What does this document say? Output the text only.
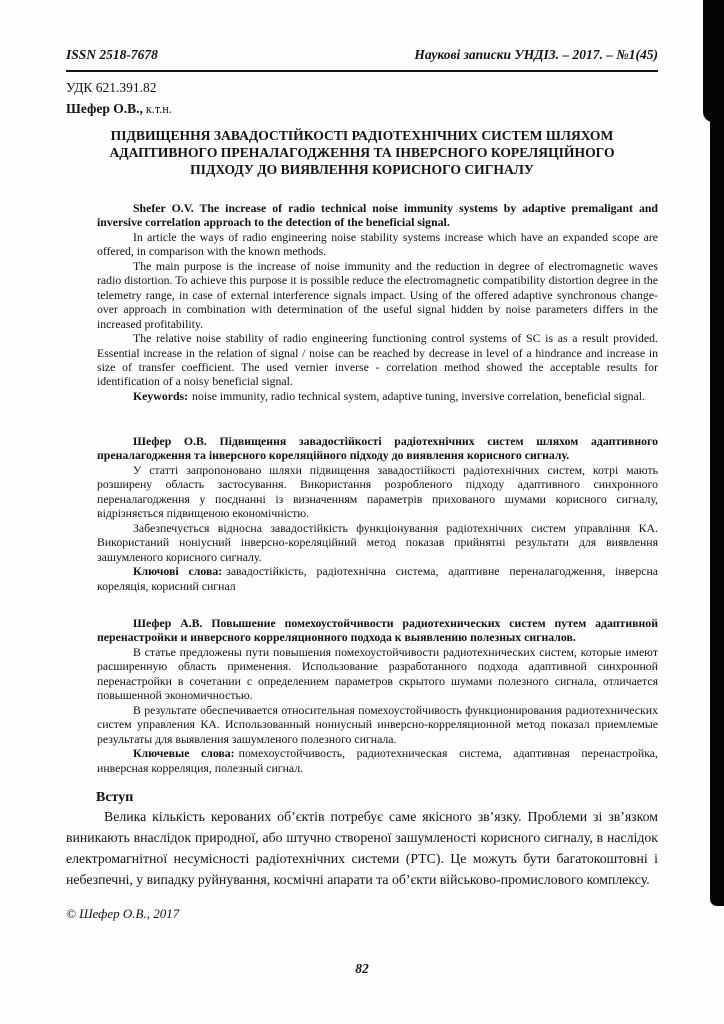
ISSN 2518-7678	Наукові записки УНДІЗ. – 2017. – №1(45)
УДК 621.391.82
Шефер О.В., к.т.н.
ПІДВИЩЕННЯ ЗАВАДОСТІЙКОСТІ РАДІОТЕХНІЧНИХ СИСТЕМ ШЛЯХОМ
АДАПТИВНОГО ПРЕНАЛАГОДЖЕННЯ ТА ІНВЕРСНОГО КОРЕЛЯЦІЙНОГО
ПІДХОДУ ДО ВИЯВЛЕННЯ КОРИСНОГО СИГНАЛУ

Shefer O.V. The increase of radio technical noise immunity systems by adaptive premaligant and inversive correlation approach to the detection of the beneficial signal.

In article the ways of radio engineering noise stability systems increase which have an expanded scope are offered, in comparison with the known methods.

The main purpose is the increase of noise immunity and the reduction in degree of electromagnetic waves radio distortion. To achieve this purpose it is possible reduce the electromagnetic compatibility distortion degree in the telemetry range, in case of external interference signals impact. Using of the offered adaptive synchronous change-over approach in combination with determination of the useful signal hidden by noise parameters differs in the increased profitability.

The relative noise stability of radio engineering functioning control systems of SC is as a result provided. Essential increase in the relation of signal / noise can be reached by decrease in level of a hindrance and increase in size of transfer coefficient. The used vernier inverse - correlation method showed the acceptable results for identification of a noisy beneficial signal.

Keywords: noise immunity, radio technical system, adaptive tuning, inversive correlation, beneficial signal.

Шефер О.В. Підвищення завадостійкості радіотехнічних систем шляхом адаптивного преналагодження та інверсного кореляційного підходу до виявлення корисного сигналу.

У статті запропоновано шляхи підвищення завадостійкості радіотехнічних систем, котрі мають розширену область застосування. Використання розробленого підходу адаптивного синхронного переналагодження у поєднанні із визначенням параметрів прихованого шумами корисного сигналу, відрізняється підвищеною економічністю.

Забезпечується відносна завадостійкість функціонування радіотехнічних систем управління КА. Використаний ноніусний інверсно-кореляційний метод показав прийнятні результати для виявлення зашумленого корисного сигналу.

Ключові слова: завадостійкість, радіотехнічна система, адаптивне переналагодження, інверсна кореляція, корисний сигнал

Шефер А.В. Повышение помехоустойчивости радиотехнических систем путем адаптивной перенастройки и инверсного корреляционного подхода к выявлению полезных сигналов.

В статье предложены пути повышения помехоустойчивости радиотехнических систем, которые имеют расширенную область применения. Использование разработанного подхода адаптивной синхронной перенастройки в сочетании с определением параметров скрытого шумами полезного сигнала, отличается повышенной экономичностью.

В результате обеспечивается относительная помехоустойчивость функционирования радиотехнических систем управления КА. Использованный нониусный инверсно-корреляционной метод показал приемлемые результаты для выявления зашумленого полезного сигнала.

Ключевые слова: помехоустойчивость, радиотехническая система, адаптивная перенастройка, инверсная корреляция, полезный сигнал.

Вступ

Велика кількість керованих об’єктів потребує саме якісного зв’язку. Проблеми зі зв’язком виникають внаслідок природної, або штучно створеної зашумленості корисного сигналу, в наслідок електромагнітної несумісності радіотехнічних системи (РТС). Це можуть бути багатокоштовні і небезпечні, у випадку руйнування, космічні апарати та об’єкти військово-промислового комплексу.

© Шефер О.В., 2017
82
